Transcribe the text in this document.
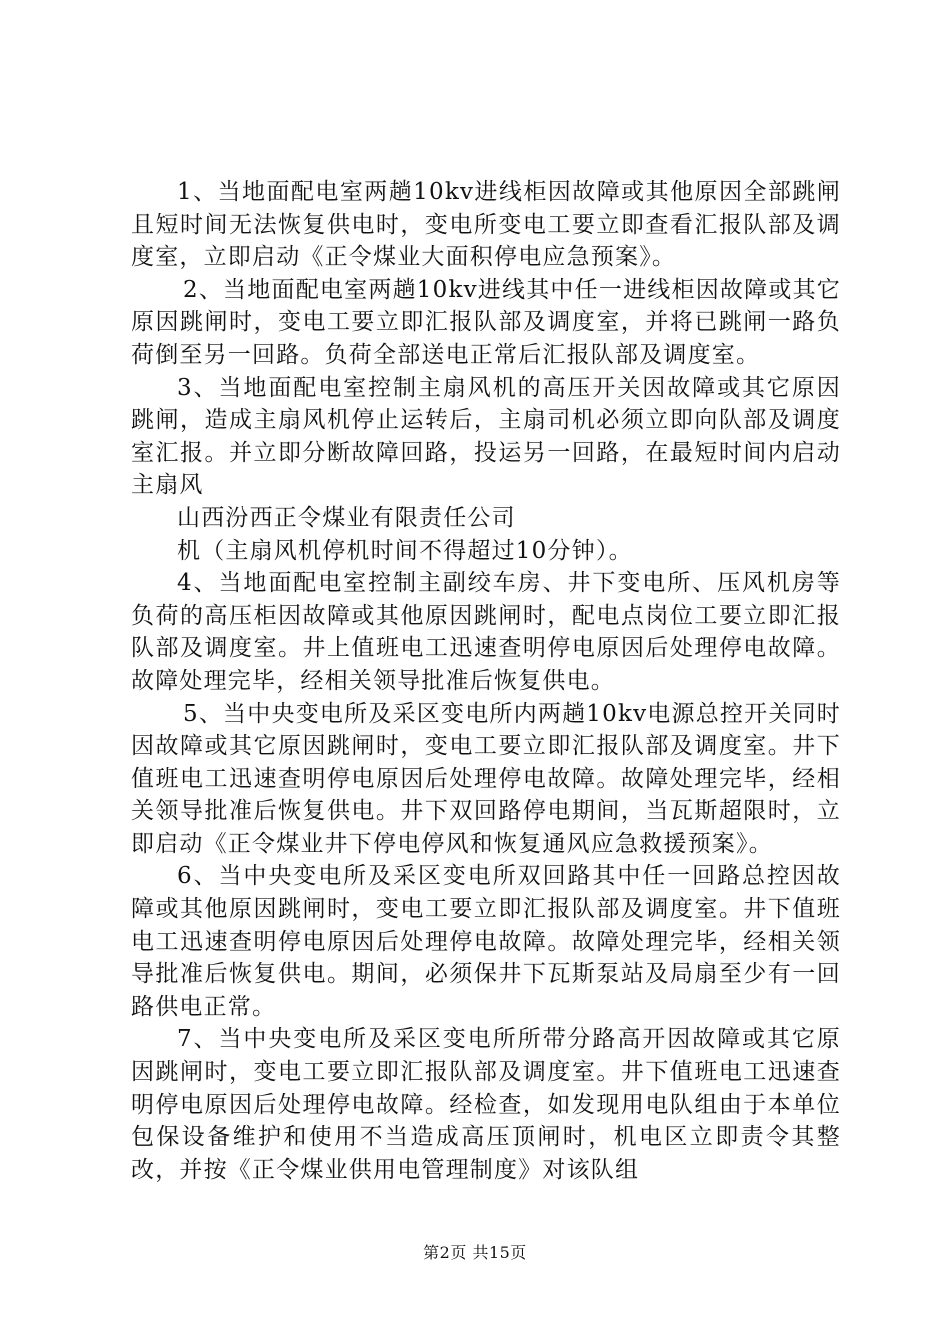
1、当地面配电室两趟10kv进线柜因故障或其他原因全部跳闸且短时间无法恢复供电时，变电所变电工要立即查看汇报队部及调度室，立即启动《正令煤业大面积停电应急预案》。

2、当地面配电室两趟10kv进线其中任一进线柜因故障或其它原因跳闸时，变电工要立即汇报队部及调度室，并将已跳闸一路负荷倒至另一回路。负荷全部送电正常后汇报队部及调度室。

3、当地面配电室控制主扇风机的高压开关因故障或其它原因跳闸，造成主扇风机停止运转后，主扇司机必须立即向队部及调度室汇报。并立即分断故障回路，投运另一回路，在最短时间内启动主扇风

山西汾西正令煤业有限责任公司

机（主扇风机停机时间不得超过10分钟）。

4、当地面配电室控制主副绞车房、井下变电所、压风机房等负荷的高压柜因故障或其他原因跳闸时，配电点岗位工要立即汇报队部及调度室。井上值班电工迅速查明停电原因后处理停电故障。故障处理完毕，经相关领导批准后恢复供电。

5、当中央变电所及采区变电所内两趟10kv电源总控开关同时因故障或其它原因跳闸时，变电工要立即汇报队部及调度室。井下值班电工迅速查明停电原因后处理停电故障。故障处理完毕，经相关领导批准后恢复供电。井下双回路停电期间，当瓦斯超限时，立即启动《正令煤业井下停电停风和恢复通风应急救援预案》。

6、当中央变电所及采区变电所双回路其中任一回路总控因故障或其他原因跳闸时，变电工要立即汇报队部及调度室。井下值班电工迅速查明停电原因后处理停电故障。故障处理完毕，经相关领导批准后恢复供电。期间，必须保井下瓦斯泵站及局扇至少有一回路供电正常。

7、当中央变电所及采区变电所所带分路高开因故障或其它原因跳闸时，变电工要立即汇报队部及调度室。井下值班电工迅速查明停电原因后处理停电故障。经检查，如发现用电队组由于本单位包保设备维护和使用不当造成高压顶闸时，机电区立即责令其整改，并按《正令煤业供用电管理制度》对该队组

第2页 共15页
